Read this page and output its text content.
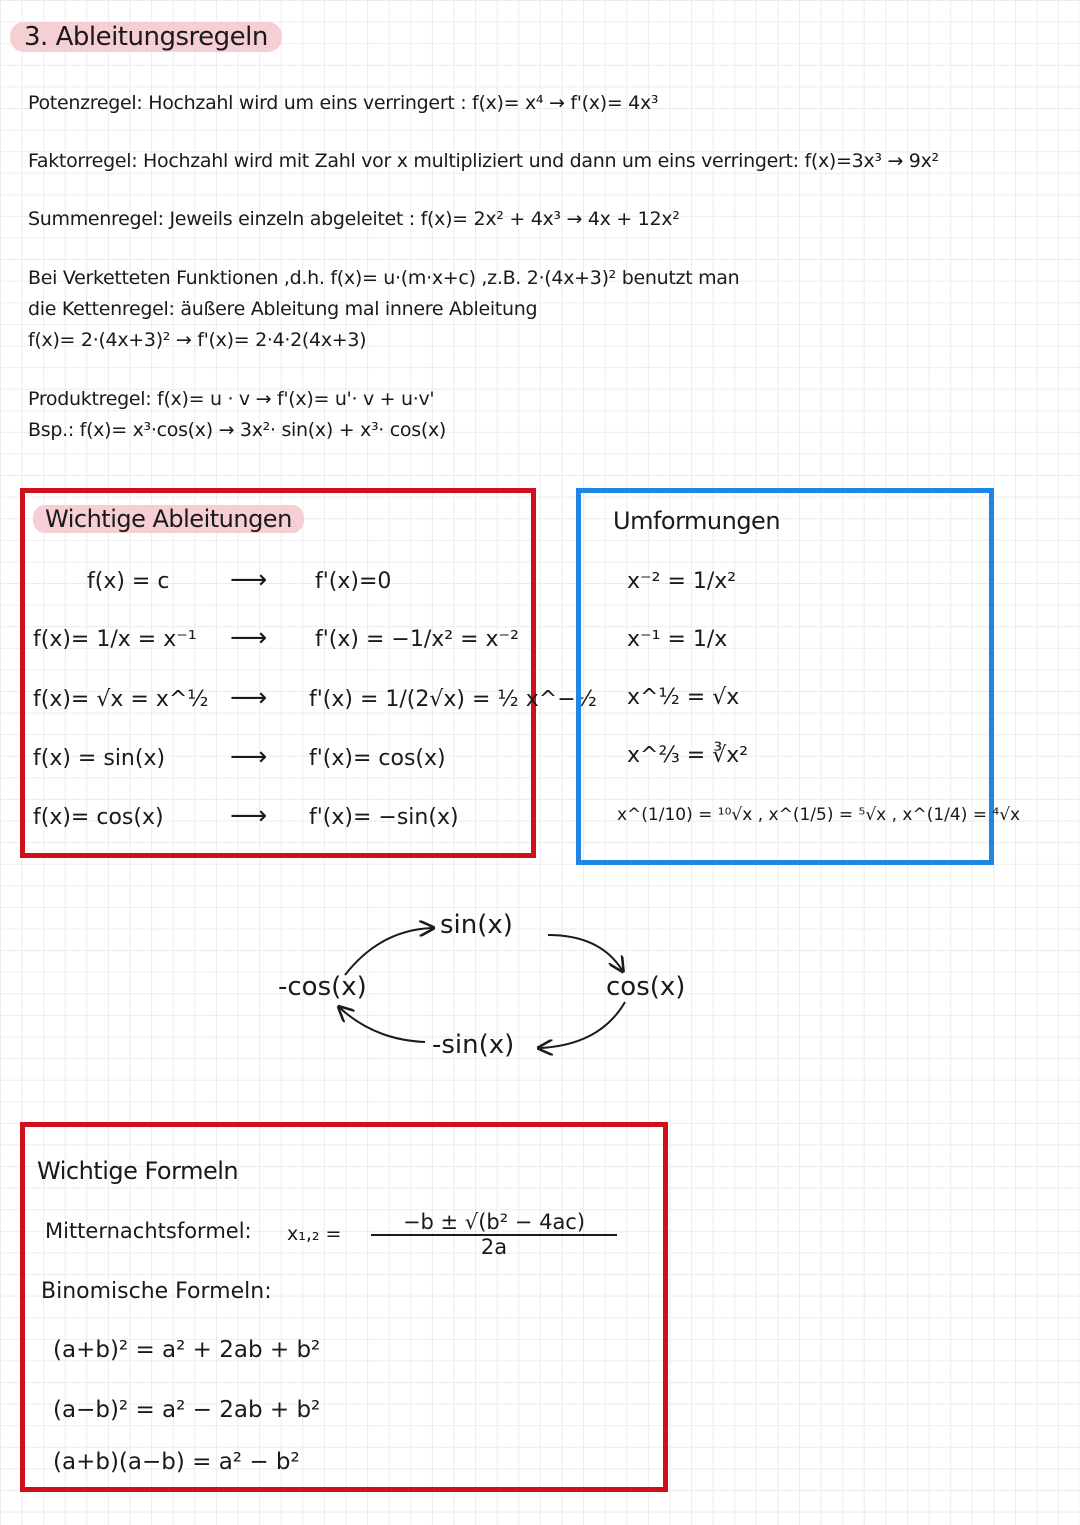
3. Ableitungsregeln
Potenzregel: Hochzahl wird um eins verringert : f(x)= x⁴ → f'(x)= 4x³
Faktorregel: Hochzahl wird mit Zahl vor x multipliziert und dann um eins verringert: f(x)=3x³ → 9x²
Summenregel: Jeweils einzeln abgeleitet : f(x)= 2x² + 4x³ → 4x + 12x²
Bei Verketteten Funktionen ,d.h. f(x)= u·(m·x+c) ,z.B. 2·(4x+3)² benutzt man
die Kettenregel: äußere Ableitung mal innere Ableitung
f(x)= 2·(4x+3)² → f'(x)= 2·4·2(4x+3)
Produktregel: f(x)= u · v → f'(x)= u'· v + u·v'
Bsp.: f(x)= x³·cos(x) → 3x²· sin(x) + x³· cos(x)
Wichtige Ableitungen
f(x) = c ⟶ f'(x)=0
f(x)= 1/x = x⁻¹ ⟶ f'(x) = −1/x² = x⁻²
f(x)= √x = x^½ ⟶ f'(x) = 1/(2√x) = ½ x^−½
f(x) = sin(x) ⟶ f'(x)= cos(x)
f(x)= cos(x)	⟶ f'(x)= −sin(x)
Umformungen
x⁻² = 1/x²
x⁻¹ = 1/x
x^½ = √x
x^⅔ = ∛x²
x^(1/10) = ¹⁰√x , x^(1/5) = ⁵√x , x^(1/4) = ⁴√x
sin(x)
cos(x)
-sin(x)
-cos(x)
Wichtige Formeln
Mitternachtsformel: $x_1,_2 = \frac{\text{−b ± √(b² − 4ac)}}{2a}$
Binomische Formeln:
(a+b)² = a² + 2ab + b²
(a−b)² = a² − 2ab + b²
(a+b)(a−b) = a² − b²
